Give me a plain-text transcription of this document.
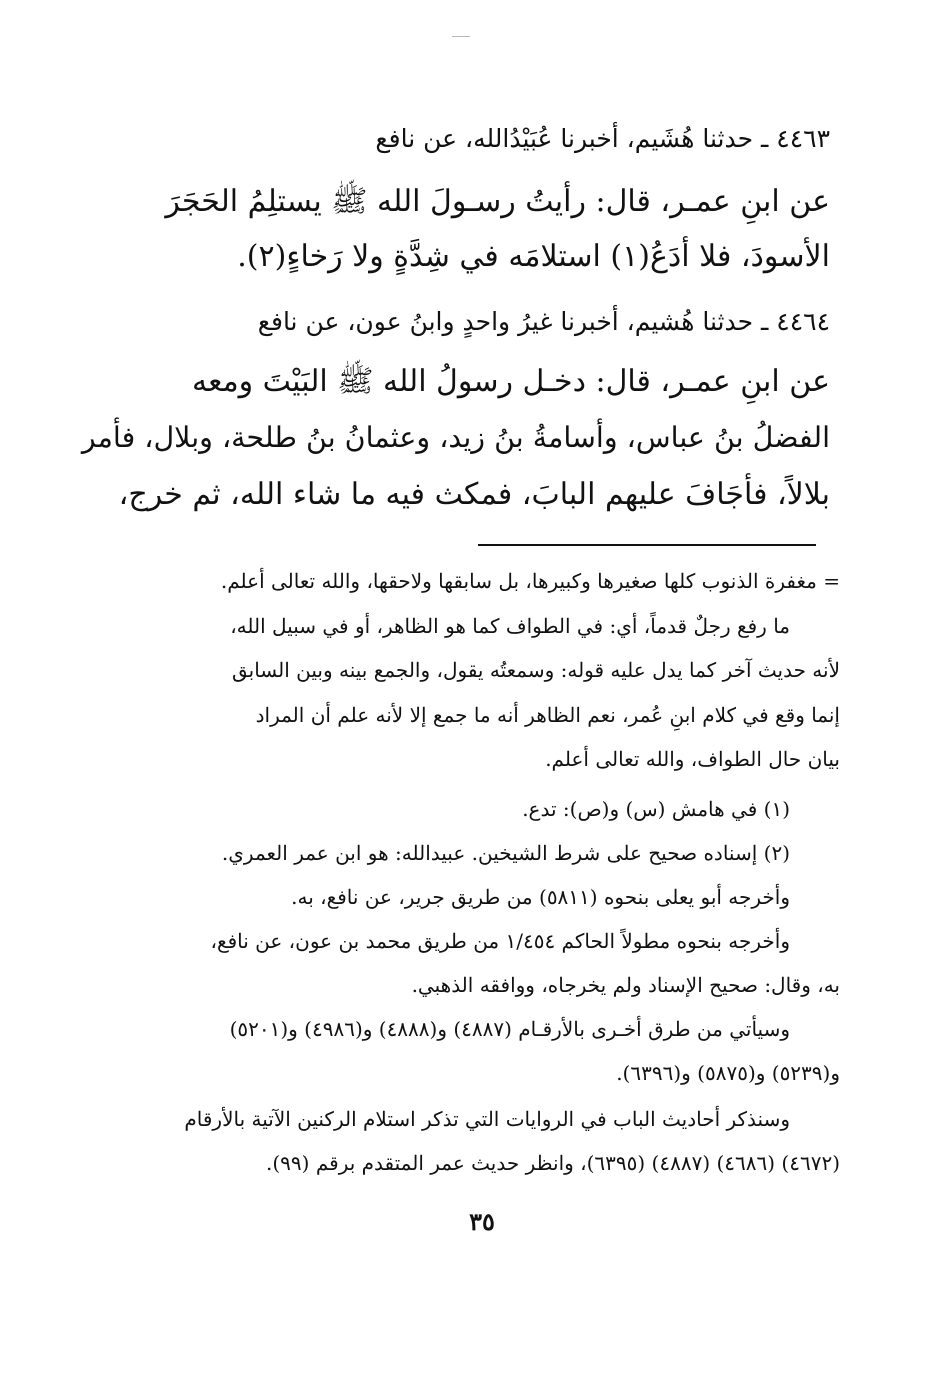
٤٤٦٣ ـ حدثنا هُشَيم، أخبرنا عُبَيْدُالله، عن نافع
عن ابنِ عمـر، قال: رأيتُ رسـولَ الله ﷺ يستلِمُ الحَجَرَ
الأسودَ، فلا أدَعُ(١) استلامَه في شِدَّةٍ ولا رَخاءٍ(٢).
٤٤٦٤ ـ حدثنا هُشيم، أخبرنا غيرُ واحدٍ وابنُ عون، عن نافع
عن ابنِ عمـر، قال: دخـل رسولُ الله ﷺ البَيْتَ ومعه
الفضلُ بنُ عباس، وأسامةُ بنُ زيد، وعثمانُ بنُ طلحة، وبلال، فأمر
بلالاً، فأجَافَ عليهم البابَ، فمكث فيه ما شاء الله، ثم خرج،
= مغفرة الذنوب كلها صغيرها وكبيرها، بل سابقها ولاحقها، والله تعالى أعلم.
ما رفع رجلٌ قدماً، أي: في الطواف كما هو الظاهر، أو في سبيل الله،
لأنه حديث آخر كما يدل عليه قوله: وسمعتُه يقول، والجمع بينه وبين السابق
إنما وقع في كلام ابنِ عُمر، نعم الظاهر أنه ما جمع إلا لأنه علم أن المراد
بيان حال الطواف، والله تعالى أعلم.
(١) في هامش (س) و(ص): تدع.
(٢) إسناده صحيح على شرط الشيخين. عبيدالله: هو ابن عمر العمري.
وأخرجه أبو يعلى بنحوه (٥٨١١) من طريق جرير، عن نافع، به.
وأخرجه بنحوه مطولاً الحاكم ١/٤٥٤ من طريق محمد بن عون، عن نافع،
به، وقال: صحيح الإسناد ولم يخرجاه، ووافقه الذهبي.
وسيأتي من طرق أخـرى بالأرقـام (٤٨٨٧) و(٤٨٨٨) و(٤٩٨٦) و(٥٢٠١)
و(٥٢٣٩) و(٥٨٧٥) و(٦٣٩٦).
وسنذكر أحاديث الباب في الروايات التي تذكر استلام الركنين الآتية بالأرقام
(٤٦٧٢) (٤٦٨٦) (٤٨٨٧) (٦٣٩٥)، وانظر حديث عمر المتقدم برقم (٩٩).
٣٥
